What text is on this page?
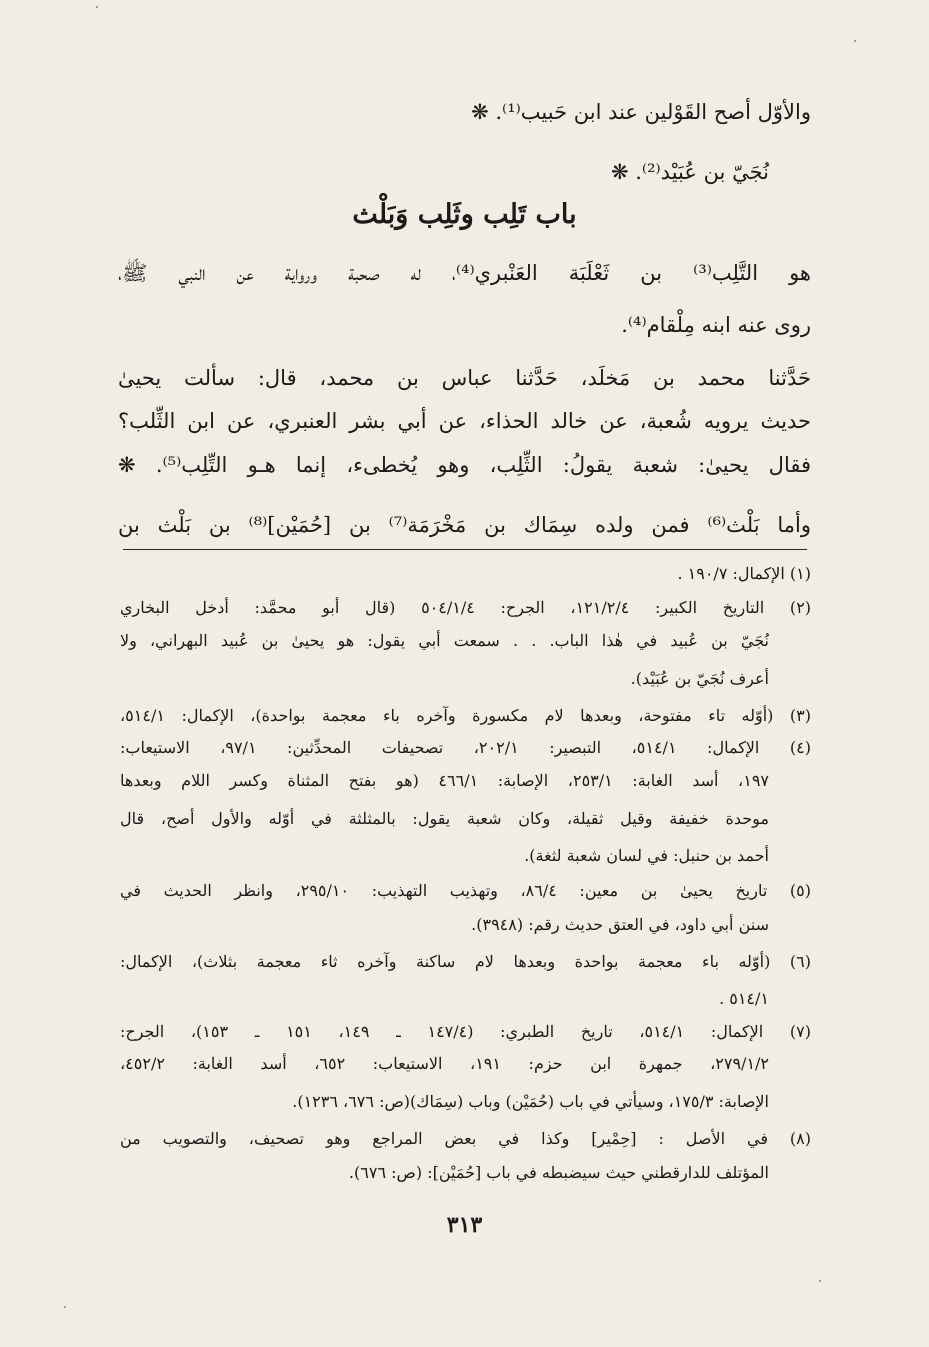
والأوّل أصح القَوْلين عند ابن حَبيب⁽¹⁾. ❋
نُجَيّ بن عُبَيْد⁽²⁾. ❋
باب تَلِب وثَلِب وَبَلْث
هو التَّلِب⁽³⁾ بن ثَعْلَبَة العَنْبري⁽⁴⁾، له صحبة ورواية عن النبي ﷺ،
روى عنه ابنه مِلْقام⁽⁴⁾.
حَدَّثنا محمد بن مَخلَد، حَدَّثنا عباس بن محمد، قال: سألت يحيىٰ
حديث يرويه شُعبة، عن خالد الحذاء، عن أبي بشر العنبري، عن ابن الثِّلب؟
فقال يحيىٰ: شعبة يقولُ: الثِّلِب، وهو يُخطىء، إنما هـو التِّلِب⁽⁵⁾. ❋
وأما بَلْث⁽⁶⁾ فمن ولده سِمَاك بن مَخْرَمَة⁽⁷⁾ بن [حُمَيْن]⁽⁸⁾ بن بَلْث بن
(١) الإكمال: ١٩٠/٧ .
(٢) التاريخ الكبير: ١٢١/٢/٤، الجرح: ٥٠٤/١/٤ (قال أبو محمَّد: أدخل البخاري
نُجَيّ بن عُبيد في هٰذا الباب. . . سمعت أبي يقول: هو يحيىٰ بن عُبيد البهراني، ولا
أعرف نُجَيّ بن عُبَيْد).
(٣) (أوّله تاء مفتوحة، وبعدها لام مكسورة وآخره باء معجمة بواحدة)، الإكمال: ٥١٤/١،
(٤) الإكمال: ٥١٤/١، التبصير: ٢٠٢/١، تصحيفات المحدِّثين: ٩٧/١، الاستيعاب:
١٩٧، أسد الغابة: ٢٥٣/١، الإصابة: ٤٦٦/١ (هو بفتح المثناة وكسر اللام وبعدها
موحدة خفيفة وقيل ثقيلة، وكان شعبة يقول: بالمثلثة في أوّله والأول أصح، قال
أحمد بن حنبل: في لسان شعبة لثغة).
(٥) تاريخ يحيىٰ بن معين: ٨٦/٤، وتهذيب التهذيب: ٢٩٥/١٠، وانظر الحديث في
سنن أبي داود، في العتق حديث رقم: (٣٩٤٨).
(٦) (أوّله باء معجمة بواحدة وبعدها لام ساكنة وآخره ثاء معجمة بثلاث)، الإكمال:
٥١٤/١ .
(٧) الإكمال: ٥١٤/١، تاريخ الطبري: (١٤٧/٤ ـ ١٤٩، ١٥١ ـ ١٥٣)، الجرح:
٢٧٩/١/٢، جمهرة ابن حزم: ١٩١، الاستيعاب: ٦٥٢، أسد الغابة: ٤٥٢/٢،
الإصابة: ١٧٥/٣، وسيأتي في باب (حُمَيْن) وباب (سِمَاك)(ص: ٦٧٦، ١٢٣٦).
(٨) في الأصل : [حِمْير] وكذا في بعض المراجع وهو تصحيف، والتصويب من
المؤتلف للدارقطني حيث سيضبطه في باب [حُمَيْن]: (ص: ٦٧٦).
٣١٣
